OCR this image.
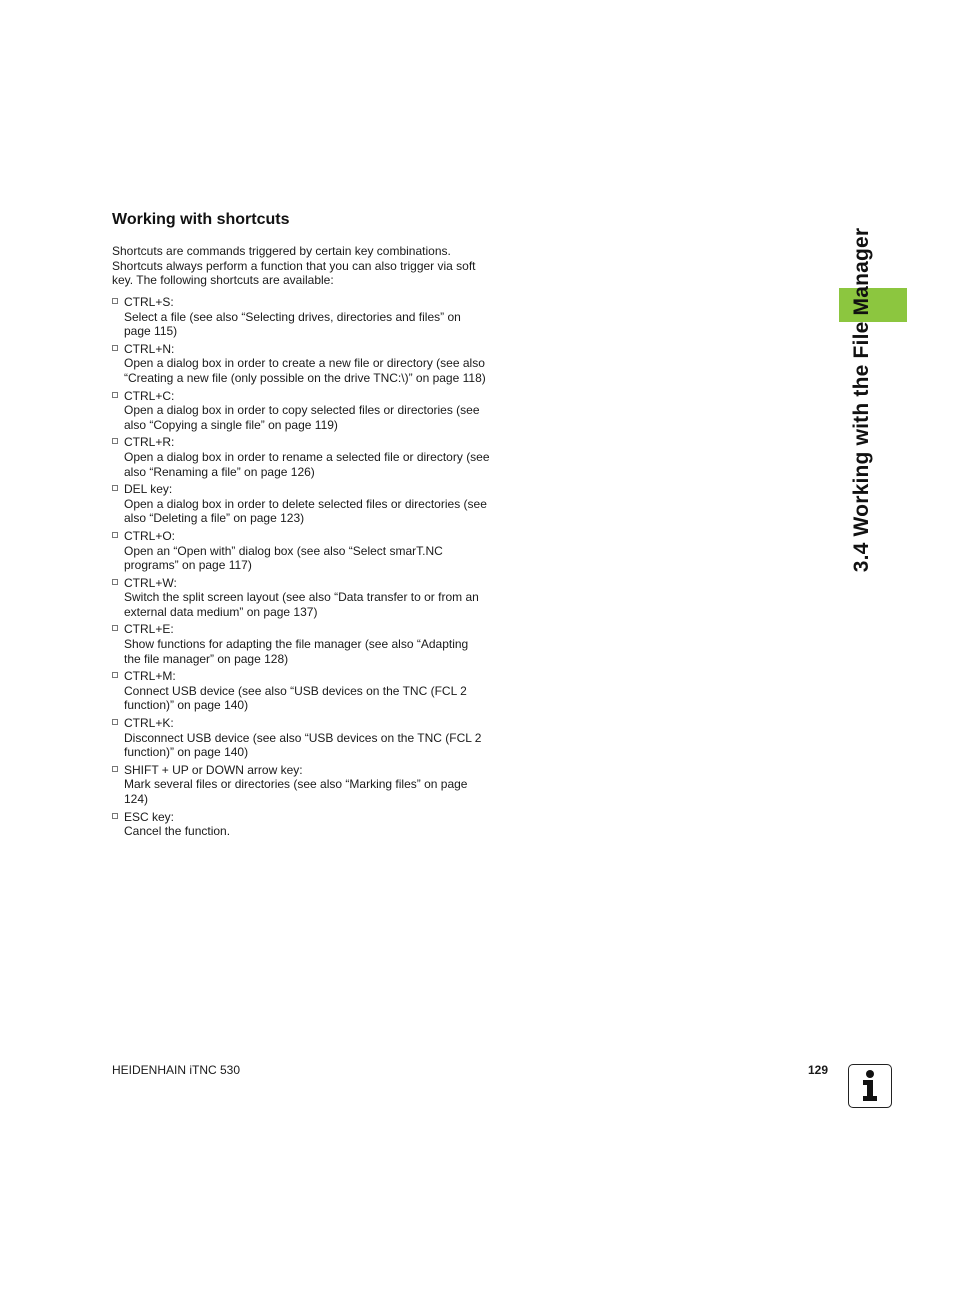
Working with shortcuts

Shortcuts are commands triggered by certain key combinations.
Shortcuts always perform a function that you can also trigger via soft
key. The following shortcuts are available:

CTRL+S:
Select a file (see also “Selecting drives, directories and files” on
page 115)
CTRL+N:
Open a dialog box in order to create a new file or directory (see also
“Creating a new file (only possible on the drive TNC:\)” on page 118)
CTRL+C:
Open a dialog box in order to copy selected files or directories (see
also “Copying a single file” on page 119)
CTRL+R:
Open a dialog box in order to rename a selected file or directory (see
also “Renaming a file” on page 126)
DEL key:
Open a dialog box in order to delete selected files or directories (see
also “Deleting a file” on page 123)
CTRL+O:
Open an “Open with” dialog box (see also “Select smarT.NC
programs” on page 117)
CTRL+W:
Switch the split screen layout (see also “Data transfer to or from an
external data medium” on page 137)
CTRL+E:
Show functions for adapting the file manager (see also “Adapting
the file manager” on page 128)
CTRL+M:
Connect USB device (see also “USB devices on the TNC (FCL 2
function)” on page 140)
CTRL+K:
Disconnect USB device (see also “USB devices on the TNC (FCL 2
function)” on page 140)
SHIFT + UP or DOWN arrow key:
Mark several files or directories (see also “Marking files” on page
124)
ESC key:
Cancel the function.
3.4 Working with the File Manager
HEIDENHAIN iTNC 530	129
